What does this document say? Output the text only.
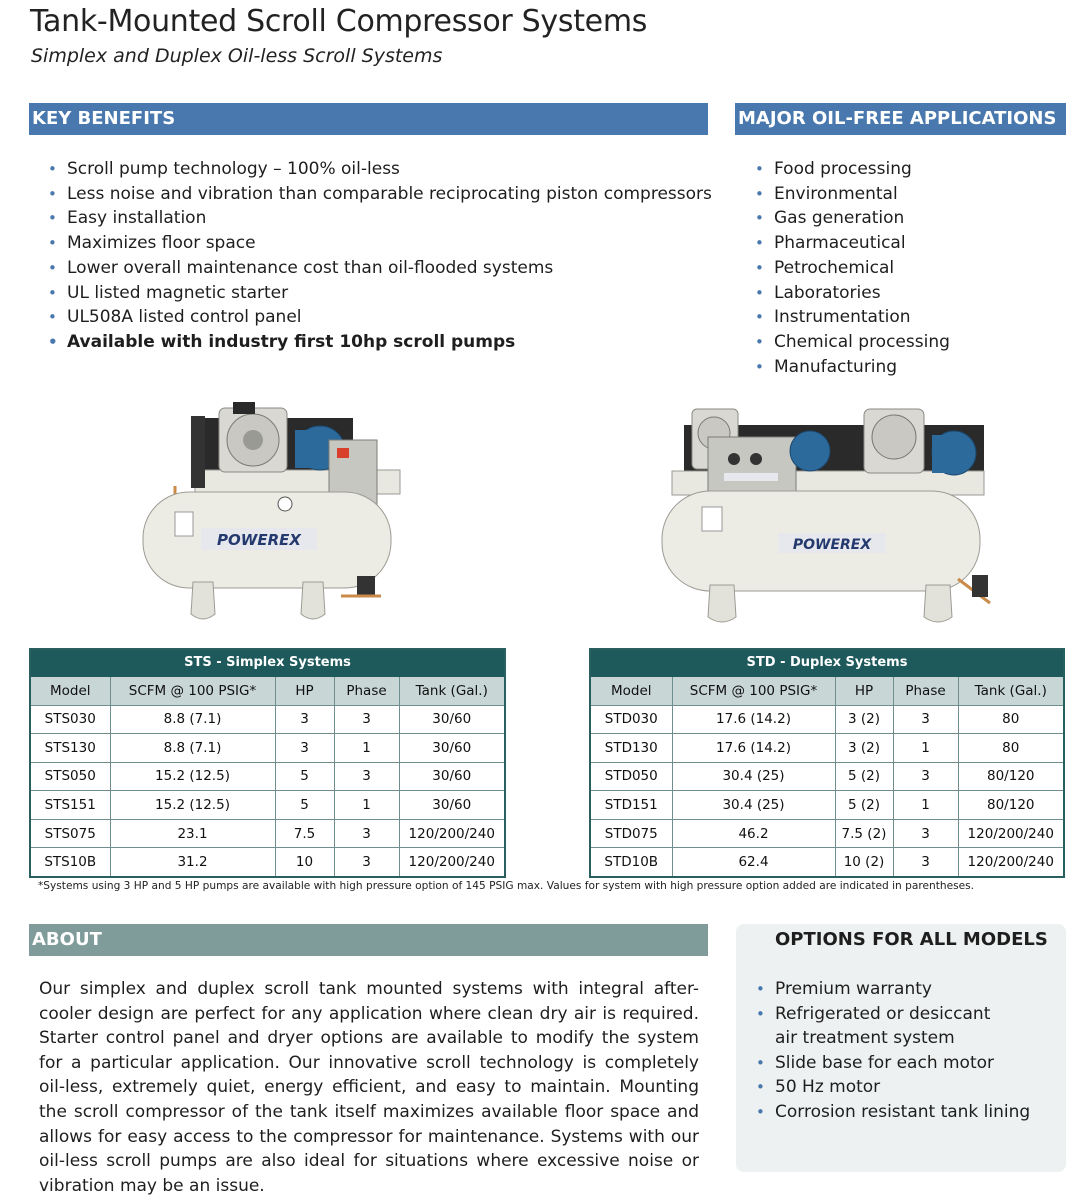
Tank-Mounted Scroll Compressor Systems
Simplex and Duplex Oil-less Scroll Systems
KEY BENEFITS
• Scroll pump technology – 100% oil-less
• Less noise and vibration than comparable reciprocating piston compressors
• Easy installation
• Maximizes floor space
• Lower overall maintenance cost than oil-flooded systems
• UL listed magnetic starter
• UL508A listed control panel
• Available with industry first 10hp scroll pumps
MAJOR OIL-FREE APPLICATIONS
• Food processing
• Environmental
• Gas generation
• Pharmaceutical
• Petrochemical
• Laboratories
• Instrumentation
• Chemical processing
• Manufacturing
POWEREX	POWEREX
STS - Simplex Systems				
Model	SCFM @ 100 PSIG*	HP	Phase	Tank (Gal.)
STS030	8.8 (7.1)	3	3	30/60
STS130	8.8 (7.1)	3	1	30/60
STS050	15.2 (12.5)	5	3	30/60
STS151	15.2 (12.5)	5	1	30/60
STS075	23.1	7.5	3	120/200/240
STS10B	31.2	10	3	120/200/240
STD - Duplex Systems				
Model	SCFM @ 100 PSIG*	HP	Phase	Tank (Gal.)
STD030	17.6 (14.2)	3 (2)	3	80
STD130	17.6 (14.2)	3 (2)	1	80
STD050	30.4 (25)	5 (2)	3	80/120
STD151	30.4 (25)	5 (2)	1	80/120
STD075	46.2	7.5 (2)	3	120/200/240
STD10B	62.4	10 (2)	3	120/200/240
*Systems using 3 HP and 5 HP pumps are available with high pressure option of 145 PSIG max. Values for system with high pressure option added are indicated in parentheses.
ABOUT

Our simplex and duplex scroll tank mounted systems with integral after-cooler design are perfect for any application where clean dry air is required. Starter control panel and dryer options are available to modify the system for a particular application. Our innovative scroll technology is completely oil-less, extremely quiet, energy efficient, and easy to maintain. Mounting the scroll compressor of the tank itself maximizes available floor space and allows for easy access to the compressor for maintenance. Systems with our oil-less scroll pumps are also ideal for situations where excessive noise or vibration may be an issue.

OPTIONS FOR ALL MODELS
• Premium warranty
• Refrigerated or desiccant air treatment system
• Slide base for each motor
• 50 Hz motor
• Corrosion resistant tank lining
